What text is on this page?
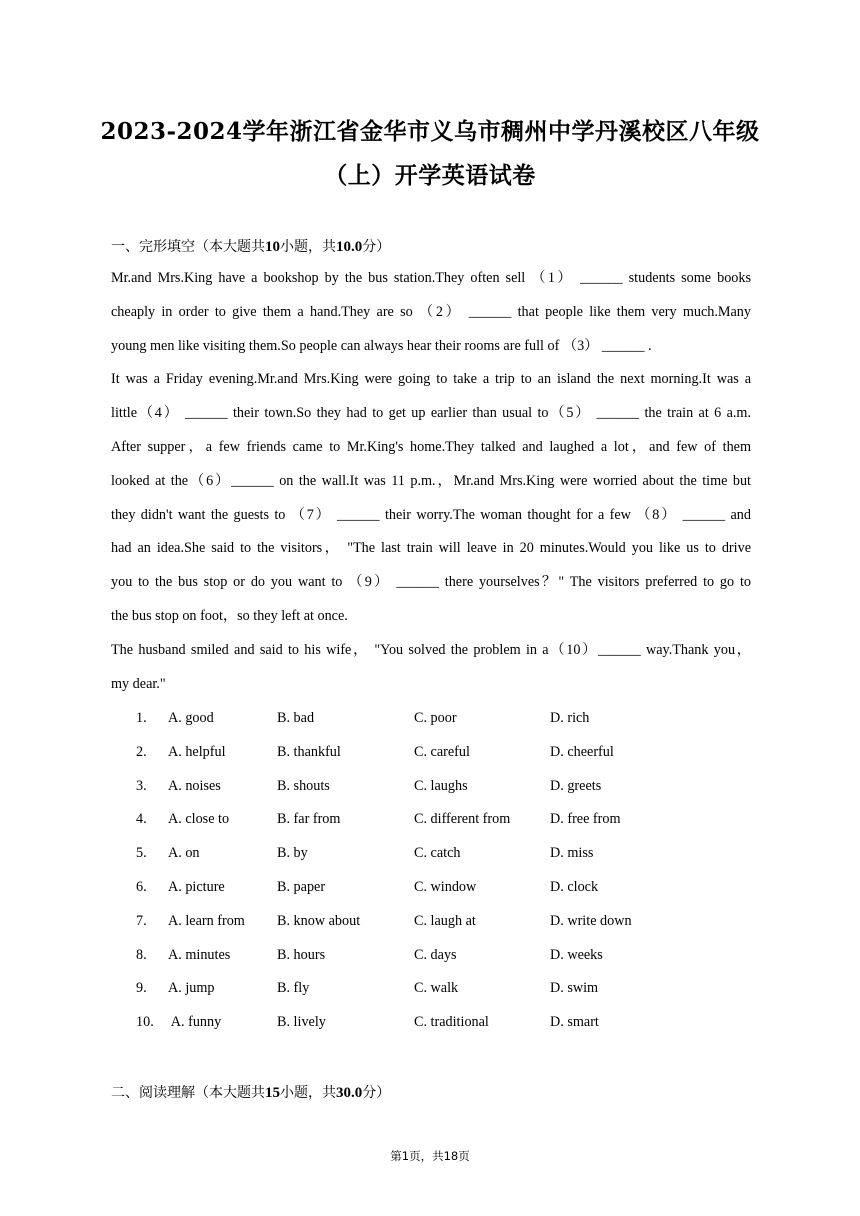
2023-2024学年浙江省金华市义乌市稠州中学丹溪校区八年级
（上）开学英语试卷
一、完形填空（本大题共10小题，共10.0分）
Mr.and Mrs.King have a bookshop by the bus station.They often sell （1） ______ students some books
cheaply in order to give them a hand.They are so （2） ______ that people like them very much.Many
young men like visiting them.So people can always hear their rooms are full of （3） ______ .
It was a Friday evening.Mr.and Mrs.King were going to take a trip to an island the next morning.It was a
little（4） ______ their town.So they had to get up earlier than usual to（5） ______ the train at 6 a.m.
After supper，a few friends came to Mr.King's home.They talked and laughed a lot，and few of them
looked at the（6）______ on the wall.It was 11 p.m.，Mr.and Mrs.King were worried about the time but
they didn't want the guests to （7） ______ their worry.The woman thought for a few （8） ______ and
had an idea.She said to the visitors， "The last train will leave in 20 minutes.Would you like us to drive
you to the bus stop or do you want to （9） ______ there yourselves？" The visitors preferred to go to
the bus stop on foot，so they left at once.
The husband smiled and said to his wife， "You solved the problem in a（10）______ way.Thank you，
my dear."
1. A. good	B. bad	C. poor	D. rich
2. A. helpful	B. thankful	C. careful	D. cheerful
3. A. noises	B. shouts	C. laughs	D. greets
4. A. close to	B. far from	C. different from	D. free from
5. A. on	B. by	C. catch	D. miss
6. A. picture	B. paper	C. window	D. clock
7. A. learn from B. know about	C. laugh at	D. write down
8. A. minutes	B. hours	C. days	D. weeks
9. A. jump	B. fly	C. walk	D. swim
10. A. funny	B. lively	C. traditional	D. smart
二、阅读理解（本大题共15小题，共30.0分）
第1页，共18页
